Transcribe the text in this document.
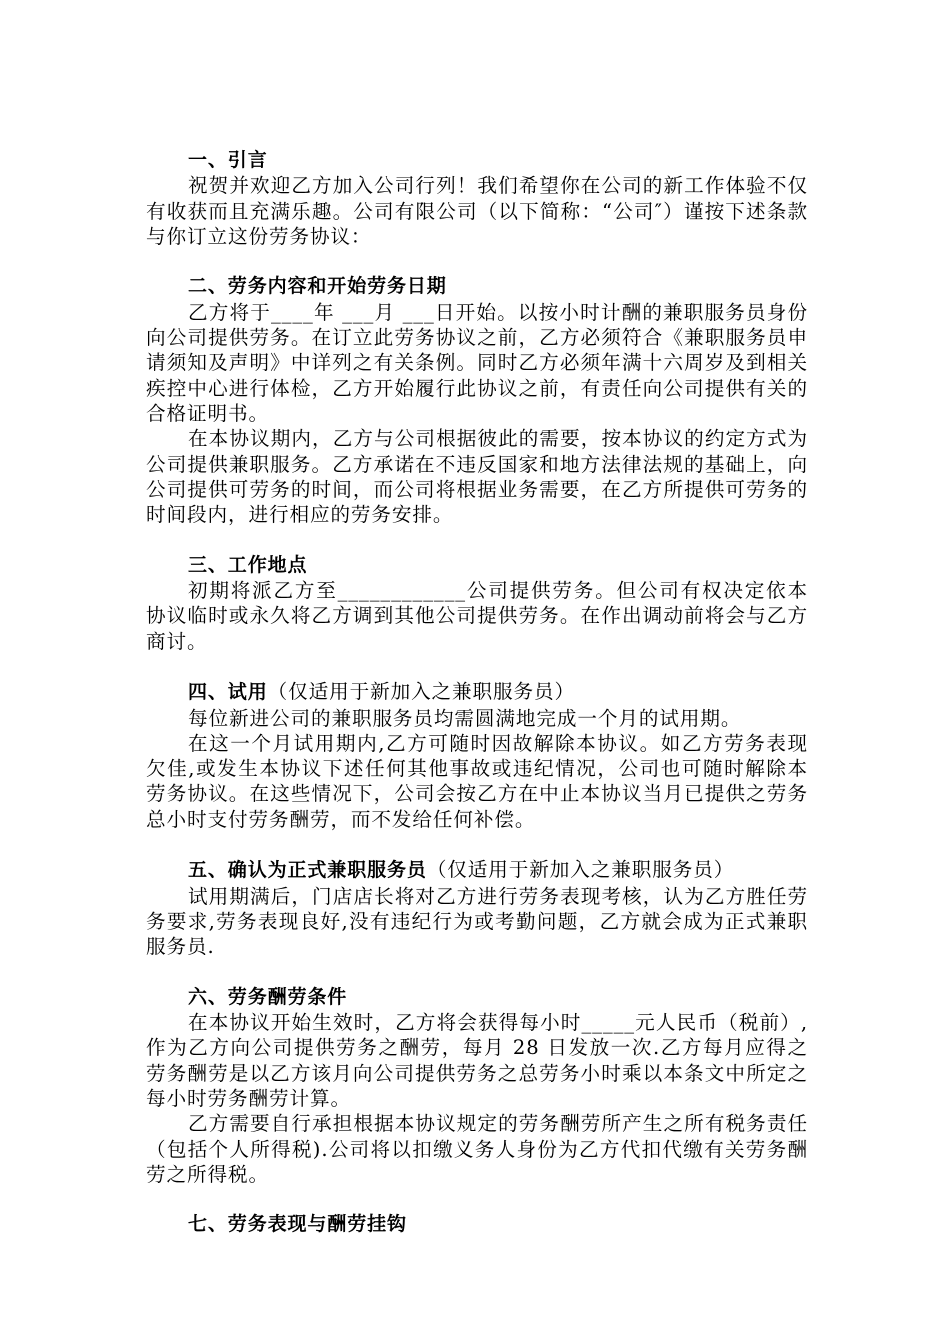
一、引言

祝贺并欢迎乙方加入公司行列！我们希望你在公司的新工作体验不仅有收获而且充满乐趣。公司有限公司（以下简称：“公司″）谨按下述条款与你订立这份劳务协议：

二、劳务内容和开始劳务日期

乙方将于____年 ___月 ___日开始。以按小时计酬的兼职服务员身份向公司提供劳务。在订立此劳务协议之前，乙方必须符合《兼职服务员申请须知及声明》中详列之有关条例。同时乙方必须年满十六周岁及到相关疾控中心进行体检，乙方开始履行此协议之前，有责任向公司提供有关的合格证明书。

在本协议期内，乙方与公司根据彼此的需要，按本协议的约定方式为公司提供兼职服务。乙方承诺在不违反国家和地方法律法规的基础上，向公司提供可劳务的时间，而公司将根据业务需要，在乙方所提供可劳务的时间段内，进行相应的劳务安排。

三、工作地点

初期将派乙方至____________公司提供劳务。但公司有权决定依本协议临时或永久将乙方调到其他公司提供劳务。在作出调动前将会与乙方商讨。

四、试用（仅适用于新加入之兼职服务员）

每位新进公司的兼职服务员均需圆满地完成一个月的试用期。

在这一个月试用期内,乙方可随时因故解除本协议。如乙方劳务表现欠佳,或发生本协议下述任何其他事故或违纪情况，公司也可随时解除本劳务协议。在这些情况下，公司会按乙方在中止本协议当月已提供之劳务总小时支付劳务酬劳，而不发给任何补偿。

五、确认为正式兼职服务员（仅适用于新加入之兼职服务员）

试用期满后，门店店长将对乙方进行劳务表现考核，认为乙方胜任劳务要求,劳务表现良好,没有违纪行为或考勤问题，乙方就会成为正式兼职服务员.

六、劳务酬劳条件

在本协议开始生效时，乙方将会获得每小时_____元人民币（税前）,作为乙方向公司提供劳务之酬劳，每月 28 日发放一次.乙方每月应得之劳务酬劳是以乙方该月向公司提供劳务之总劳务小时乘以本条文中所定之每小时劳务酬劳计算。

乙方需要自行承担根据本协议规定的劳务酬劳所产生之所有税务责任（包括个人所得税).公司将以扣缴义务人身份为乙方代扣代缴有关劳务酬劳之所得税。

七、劳务表现与酬劳挂钩
